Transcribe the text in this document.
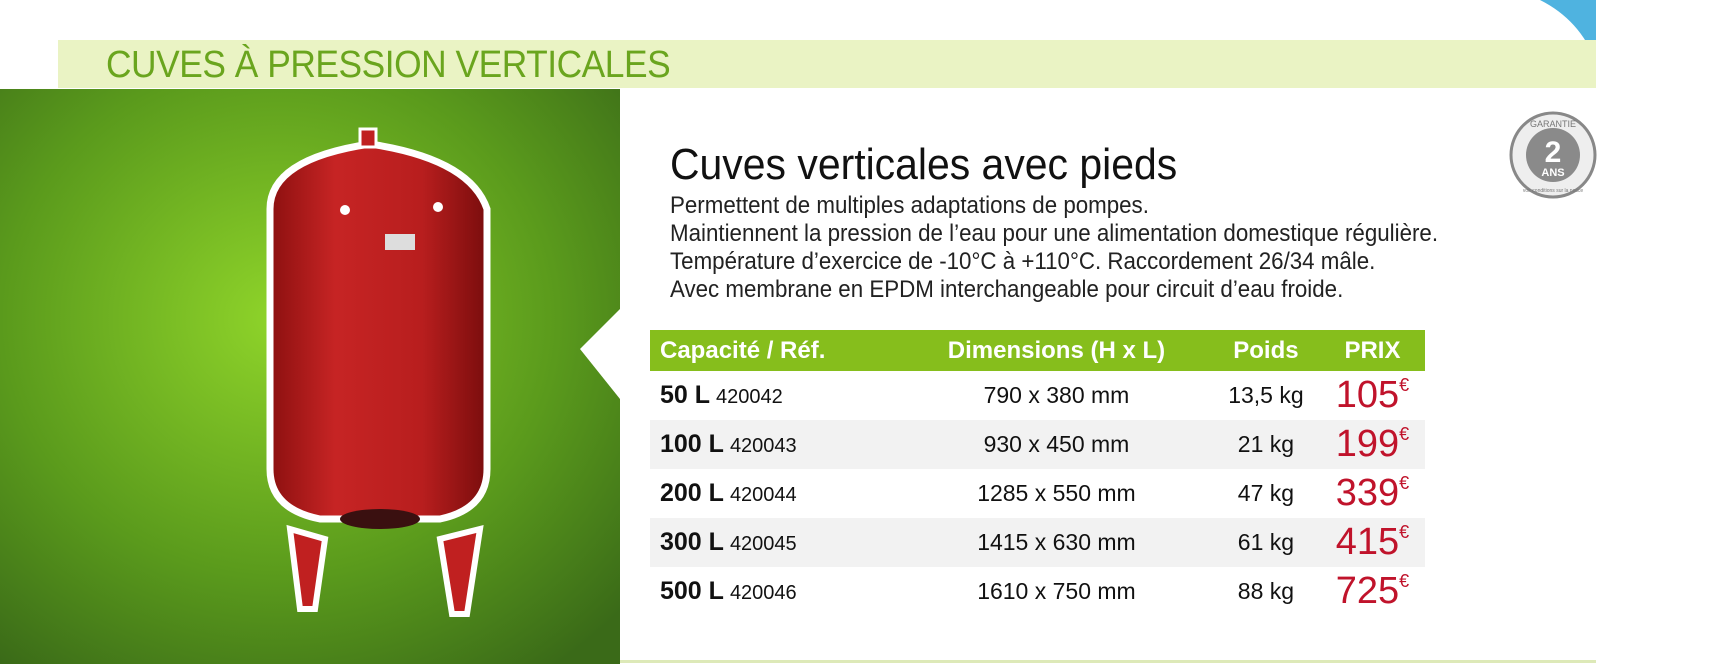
CUVES À PRESSION VERTICALES
GARANTIE
2
ANS
voir conditions sur la notice
Cuves verticales avec pieds
Permettent de multiples adaptations de pompes.
Maintiennent la pression de l’eau pour une alimentation domestique régulière.
Température d’exercice de -10°C à +110°C. Raccordement 26/34 mâle.
Avec membrane en EPDM interchangeable pour circuit d’eau froide.
Capacité / Réf.	Dimensions (H x L)	Poids	PRIX
50 L 420042	790 x 380 mm	13,5 kg	105€
100 L 420043	930 x 450 mm	21 kg	199€
200 L 420044	1285 x 550 mm	47 kg	339€
300 L 420045	1415 x 630 mm	61 kg	415€
500 L 420046	1610 x 750 mm	88 kg	725€
